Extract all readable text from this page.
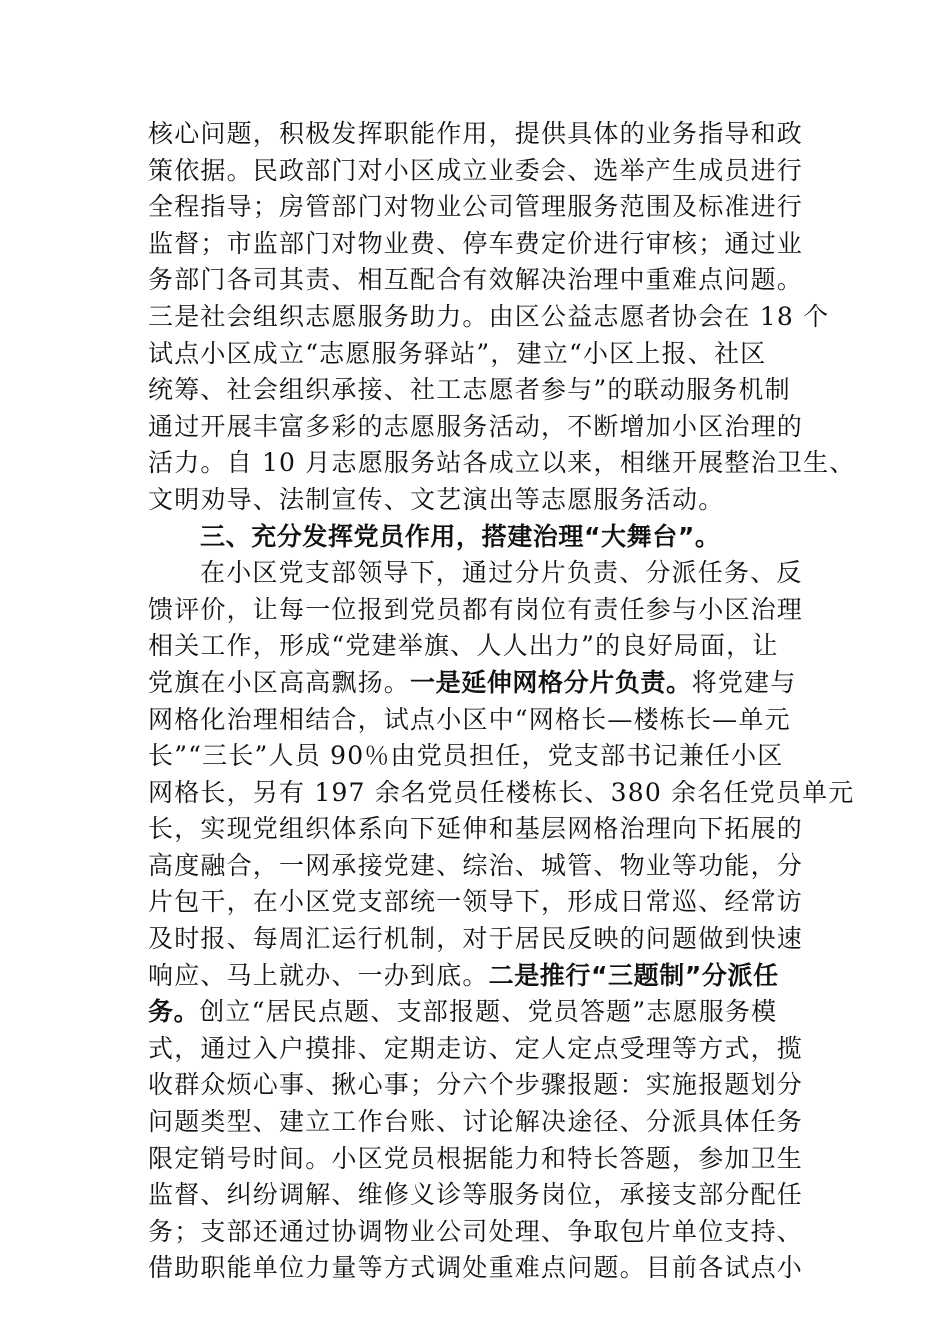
核心问题，积极发挥职能作用，提供具体的业务指导和政
策依据。民政部门对小区成立业委会、选举产生成员进行
全程指导；房管部门对物业公司管理服务范围及标准进行
监督；市监部门对物业费、停车费定价进行审核；通过业
务部门各司其责、相互配合有效解决治理中重难点问题。
三是社会组织志愿服务助力。由区公益志愿者协会在 18 个
试点小区成立“志愿服务驿站”，建立“小区上报、社区
统筹、社会组织承接、社工志愿者参与”的联动服务机制
通过开展丰富多彩的志愿服务活动，不断增加小区治理的
活力。自 10 月志愿服务站各成立以来，相继开展整治卫生、
文明劝导、法制宣传、文艺演出等志愿服务活动。
三、充分发挥党员作用，搭建治理“大舞台”。
在小区党支部领导下，通过分片负责、分派任务、反
馈评价，让每一位报到党员都有岗位有责任参与小区治理
相关工作，形成“党建举旗、人人出力”的良好局面，让
党旗在小区高高飘扬。一是延伸网格分片负责。将党建与
网格化治理相结合，试点小区中“网格长—楼栋长—单元
长”“三长”人员 90％由党员担任，党支部书记兼任小区
网格长，另有 197 余名党员任楼栋长、380 余名任党员单元
长，实现党组织体系向下延伸和基层网格治理向下拓展的
高度融合，一网承接党建、综治、城管、物业等功能，分
片包干，在小区党支部统一领导下，形成日常巡、经常访
及时报、每周汇运行机制，对于居民反映的问题做到快速
响应、马上就办、一办到底。二是推行“三题制”分派任
务。创立“居民点题、支部报题、党员答题”志愿服务模
式，通过入户摸排、定期走访、定人定点受理等方式，揽
收群众烦心事、揪心事；分六个步骤报题：实施报题划分
问题类型、建立工作台账、讨论解决途径、分派具体任务
限定销号时间。小区党员根据能力和特长答题，参加卫生
监督、纠纷调解、维修义诊等服务岗位，承接支部分配任
务；支部还通过协调物业公司处理、争取包片单位支持、
借助职能单位力量等方式调处重难点问题。目前各试点小
